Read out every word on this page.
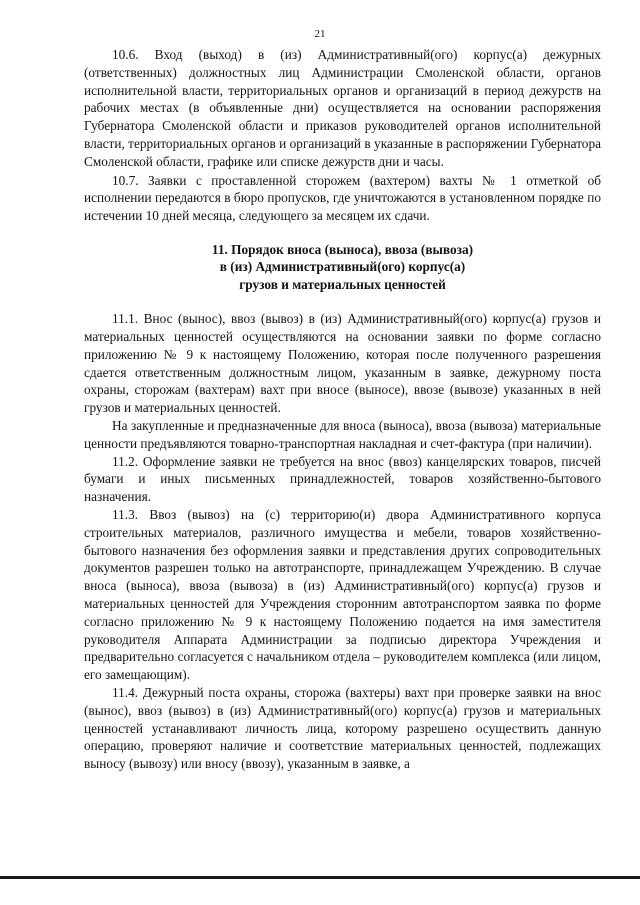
21

10.6. Вход (выход) в (из) Административный(ого) корпус(а) дежурных (ответственных) должностных лиц Администрации Смоленской области, органов исполнительной власти, территориальных органов и организаций в период дежурств на рабочих местах (в объявленные дни) осуществляется на основании распоряжения Губернатора Смоленской области и приказов руководителей органов исполнительной власти, территориальных органов и организаций в указанные в распоряжении Губернатора Смоленской области, графике или списке дежурств дни и часы.

10.7. Заявки с проставленной сторожем (вахтером) вахты № 1 отметкой об исполнении передаются в бюро пропусков, где уничтожаются в установленном порядке по истечении 10 дней месяца, следующего за месяцем их сдачи.

11. Порядок вноса (выноса), ввоза (вывоза)
в (из) Административный(ого) корпус(а)
грузов и материальных ценностей

11.1. Внос (вынос), ввоз (вывоз) в (из) Административный(ого) корпус(а) грузов и материальных ценностей осуществляются на основании заявки по форме согласно приложению № 9 к настоящему Положению, которая после полученного разрешения сдается ответственным должностным лицом, указанным в заявке, дежурному поста охраны, сторожам (вахтерам) вахт при вносе (выносе), ввозе (вывозе) указанных в ней грузов и материальных ценностей.

На закупленные и предназначенные для вноса (выноса), ввоза (вывоза) материальные ценности предъявляются товарно-транспортная накладная и счет-фактура (при наличии).

11.2. Оформление заявки не требуется на внос (ввоз) канцелярских товаров, писчей бумаги и иных письменных принадлежностей, товаров хозяйственно-бытового назначения.

11.3. Ввоз (вывоз) на (с) территорию(и) двора Административного корпуса строительных материалов, различного имущества и мебели, товаров хозяйственно-бытового назначения без оформления заявки и представления других сопроводительных документов разрешен только на автотранспорте, принадлежащем Учреждению. В случае вноса (выноса), ввоза (вывоза) в (из) Административный(ого) корпус(а) грузов и материальных ценностей для Учреждения сторонним автотранспортом заявка по форме согласно приложению № 9 к настоящему Положению подается на имя заместителя руководителя Аппарата Администрации за подписью директора Учреждения и предварительно согласуется с начальником отдела – руководителем комплекса (или лицом, его замещающим).

11.4. Дежурный поста охраны, сторожа (вахтеры) вахт при проверке заявки на внос (вынос), ввоз (вывоз) в (из) Административный(ого) корпус(а) грузов и материальных ценностей устанавливают личность лица, которому разрешено осуществить данную операцию, проверяют наличие и соответствие материальных ценностей, подлежащих выносу (вывозу) или вносу (ввозу), указанным в заявке, а
